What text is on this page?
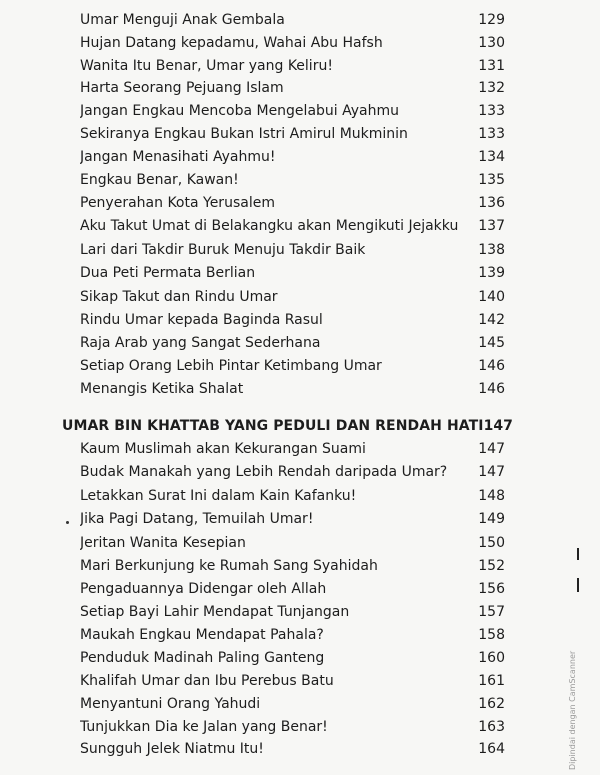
Umar Menguji Anak Gembala	129
Hujan Datang kepadamu, Wahai Abu Hafsh	130
Wanita Itu Benar, Umar yang Keliru!	131
Harta Seorang Pejuang Islam	132
Jangan Engkau Mencoba Mengelabui Ayahmu	133
Sekiranya Engkau Bukan Istri Amirul Mukminin	133
Jangan Menasihati Ayahmu!	134
Engkau Benar, Kawan!	135
Penyerahan Kota Yerusalem	136
Aku Takut Umat di Belakangku akan Mengikuti Jejakku 137
Lari dari Takdir Buruk Menuju Takdir Baik	138
Dua Peti Permata Berlian	139
Sikap Takut dan Rindu Umar	140
Rindu Umar kepada Baginda Rasul	142
Raja Arab yang Sangat Sederhana	145
Setiap Orang Lebih Pintar Ketimbang Umar	146
Menangis Ketika Shalat	146
UMAR BIN KHATTAB YANG PEDULI DAN RENDAH HATI 147
Kaum Muslimah akan Kekurangan Suami	147
Budak Manakah yang Lebih Rendah daripada Umar? 147
Letakkan Surat Ini dalam Kain Kafanku!	148
Jika Pagi Datang, Temuilah Umar!	149
Jeritan Wanita Kesepian	150
Mari Berkunjung ke Rumah Sang Syahidah	152
Pengaduannya Didengar oleh Allah	156
Setiap Bayi Lahir Mendapat Tunjangan	157
Maukah Engkau Mendapat Pahala?	158
Penduduk Madinah Paling Ganteng	160
Khalifah Umar dan Ibu Perebus Batu	161
Menyantuni Orang Yahudi	162
Tunjukkan Dia ke Jalan yang Benar!	163
Sungguh Jelek Niatmu Itu!	164	Dipindai dengan CamScanner
